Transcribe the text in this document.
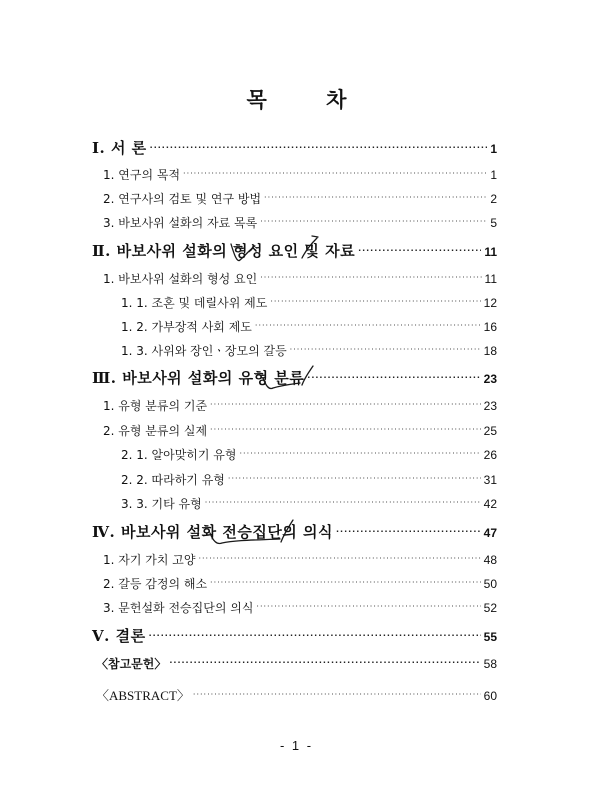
목 차
Ⅰ. 서 론 ·····	1
1. 연구의 목적 ·····	1
2. 연구사의 검토 및 연구 방법 ·····	2
3. 바보사위 설화의 자료 목록 ·····	5
Ⅱ. 바보사위 설화의 형성 요인 및 자료 ·····	11
1. 바보사위 설화의 형성 요인 ·····	11
1. 1. 조혼 및 데릴사위 제도 ·····	12
1. 2. 가부장적 사회 제도 ·····	16
1. 3. 사위와 장인ㆍ장모의 갈등 ·····	18
Ⅲ. 바보사위 설화의 유형 분류 ·····	23
1. 유형 분류의 기준 ·····	23
2. 유형 분류의 실제 ·····	25
2. 1. 알아맞히기 유형 ·····	26
2. 2. 따라하기 유형 ·····	31
3. 3. 기타 유형 ·····	42
Ⅳ. 바보사위 설화 전승집단의 의식 ·····	47
1. 자기 가치 고양 ·····	48
2. 갈등 감정의 해소 ·····	50
3. 문헌설화 전승집단의 의식 ·····	52
Ⅴ. 결론 ·····	55
〈참고문헌〉 ·····	58
〈ABSTRACT〉 ·····	60
- 1 -
